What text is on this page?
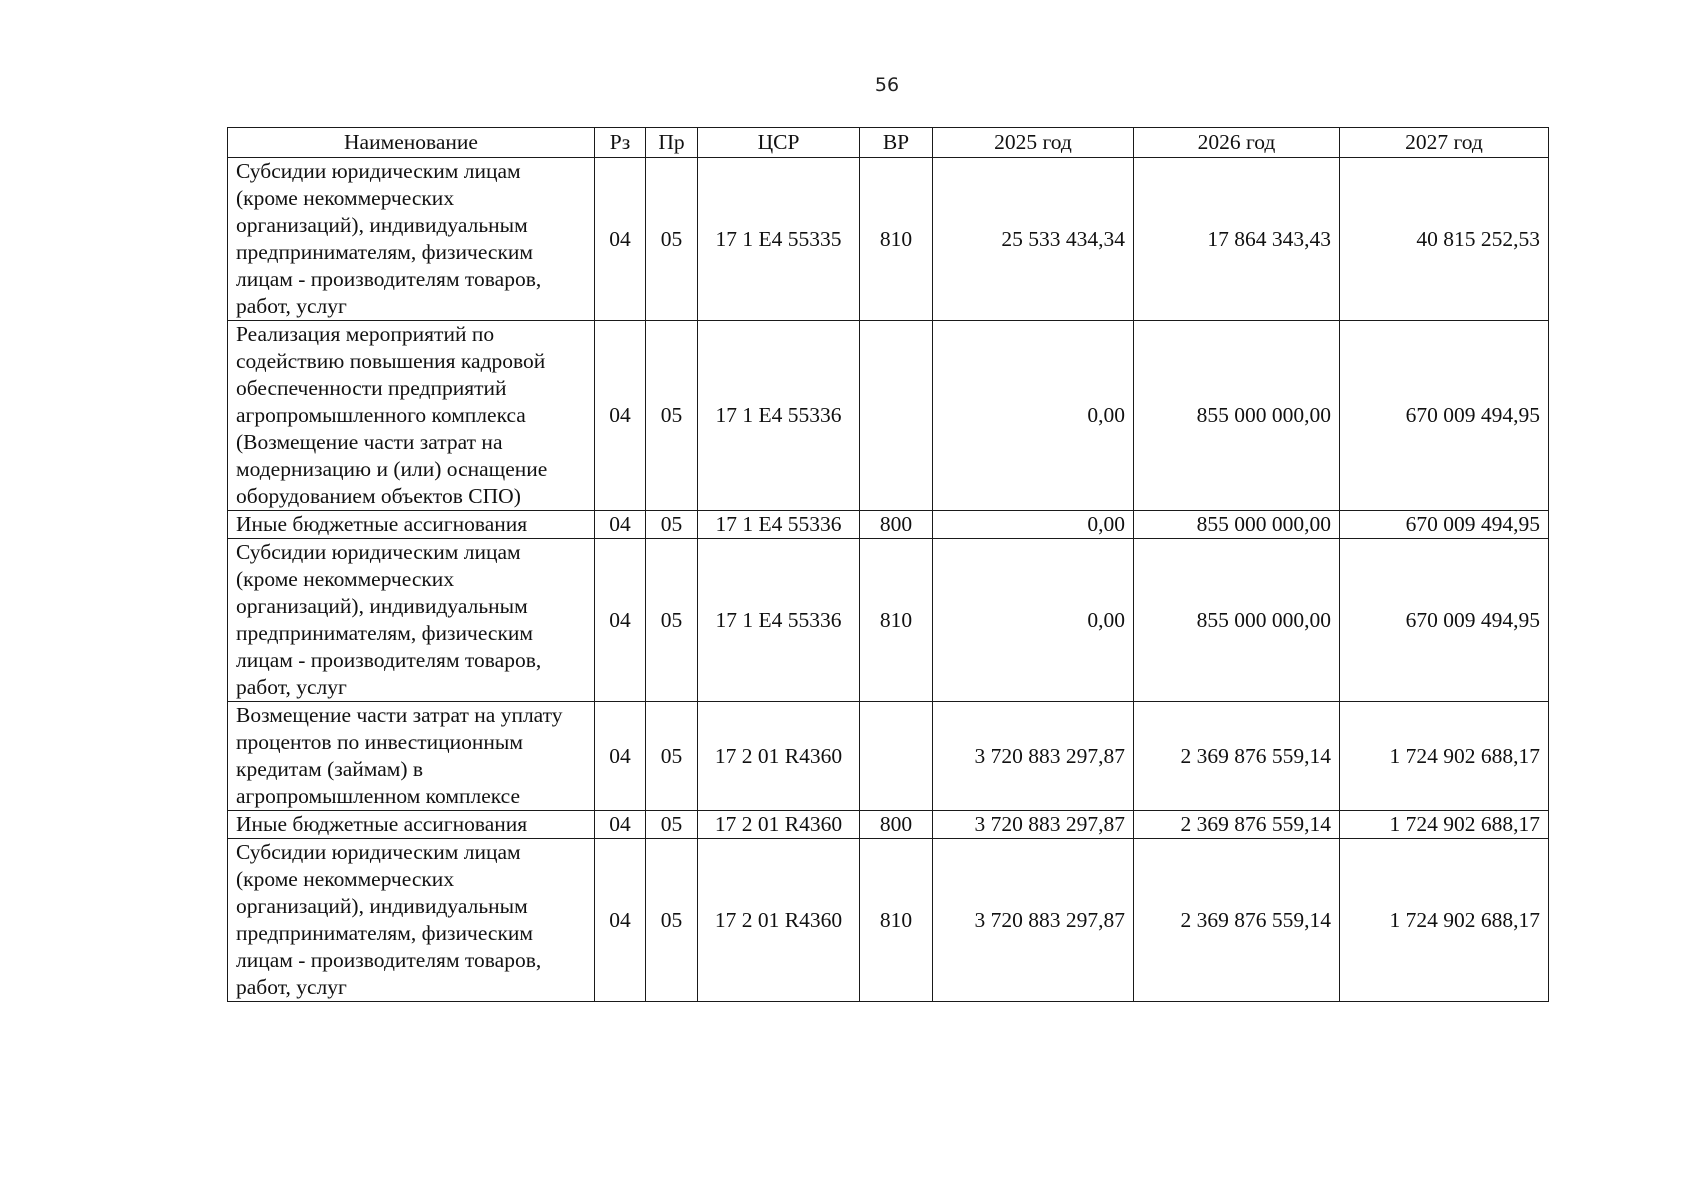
56
Наименование	Рз	Пр	ЦСР	ВР	2025 год	2026 год	2027 год
Субсидии юридическим лицам (кроме некоммерческих организаций), индивидуальным предпринимателям, физическим лицам - производителям товаров, работ, услуг	04	05	17 1 E4 55335	810	25 533 434,34	17 864 343,43	40 815 252,53
Реализация мероприятий по содействию повышения кадровой обеспеченности предприятий агропромышленного комплекса (Возмещение части затрат на модернизацию и (или) оснащение оборудованием объектов СПО)	04	05	17 1 E4 55336		0,00	855 000 000,00	670 009 494,95
Иные бюджетные ассигнования	04	05	17 1 E4 55336	800	0,00	855 000 000,00	670 009 494,95
Субсидии юридическим лицам (кроме некоммерческих организаций), индивидуальным предпринимателям, физическим лицам - производителям товаров, работ, услуг	04	05	17 1 E4 55336	810	0,00	855 000 000,00	670 009 494,95
Возмещение части затрат на уплату процентов по инвестиционным кредитам (займам) в агропромышленном комплексе	04	05	17 2 01 R4360		3 720 883 297,87	2 369 876 559,14	1 724 902 688,17
Иные бюджетные ассигнования	04	05	17 2 01 R4360	800	3 720 883 297,87	2 369 876 559,14	1 724 902 688,17
Субсидии юридическим лицам (кроме некоммерческих организаций), индивидуальным предпринимателям, физическим лицам - производителям товаров, работ, услуг	04	05	17 2 01 R4360	810	3 720 883 297,87	2 369 876 559,14	1 724 902 688,17
